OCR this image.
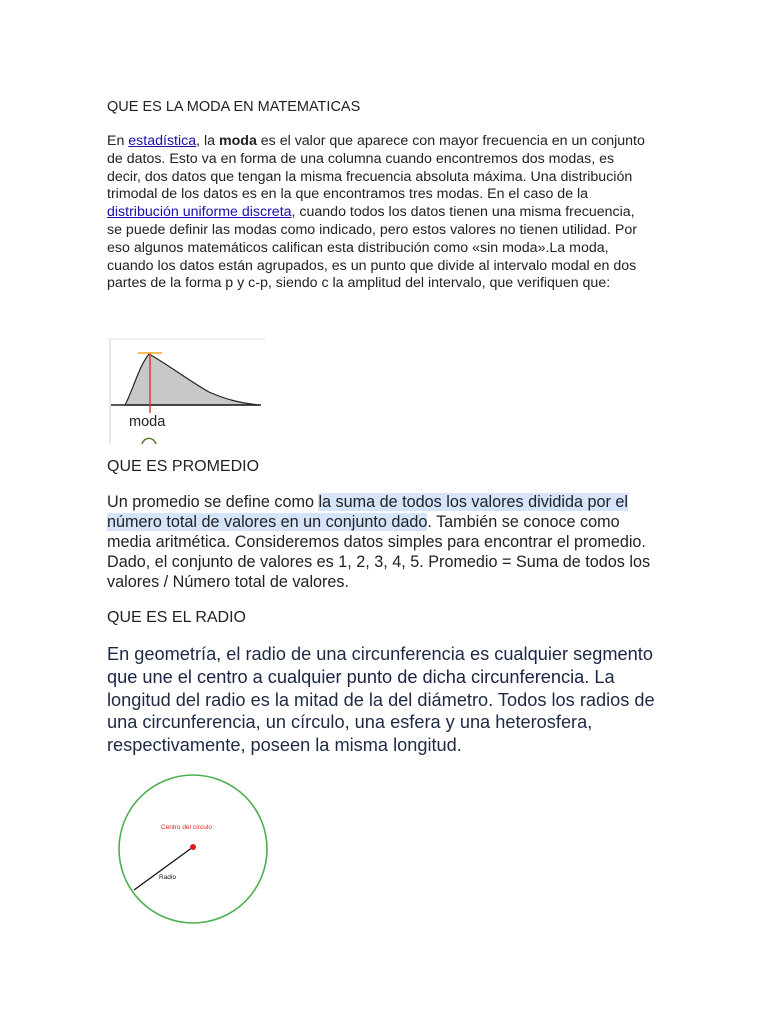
QUE ES LA MODA EN MATEMATICAS
En estadística, la moda es el valor que aparece con mayor frecuencia en un conjunto de datos. Esto va en forma de una columna cuando encontremos dos modas, es decir, dos datos que tengan la misma frecuencia absoluta máxima. Una distribución trimodal de los datos es en la que encontramos tres modas. En el caso de la distribución uniforme discreta, cuando todos los datos tienen una misma frecuencia, se puede definir las modas como indicado, pero estos valores no tienen utilidad. Por eso algunos matemáticos califican esta distribución como «sin moda».La moda, cuando los datos están agrupados, es un punto que divide al intervalo modal en dos partes de la forma p y c-p, siendo c la amplitud del intervalo, que verifiquen que:
moda
QUE ES PROMEDIO
Un promedio se define como la suma de todos los valores dividida por el número total de valores en un conjunto dado. También se conoce como media aritmética. Consideremos datos simples para encontrar el promedio. Dado, el conjunto de valores es 1, 2, 3, 4, 5. Promedio = Suma de todos los valores / Número total de valores.
QUE ES EL RADIO
En geometría, el radio de una circunferencia es cualquier segmento que une el centro a cualquier punto de dicha circunferencia. La longitud del radio es la mitad de la del diámetro. Todos los radios de una circunferencia, un círculo, una esfera y una heterosfera, respectivamente, poseen la misma longitud.
Centro del círculo
Radio
